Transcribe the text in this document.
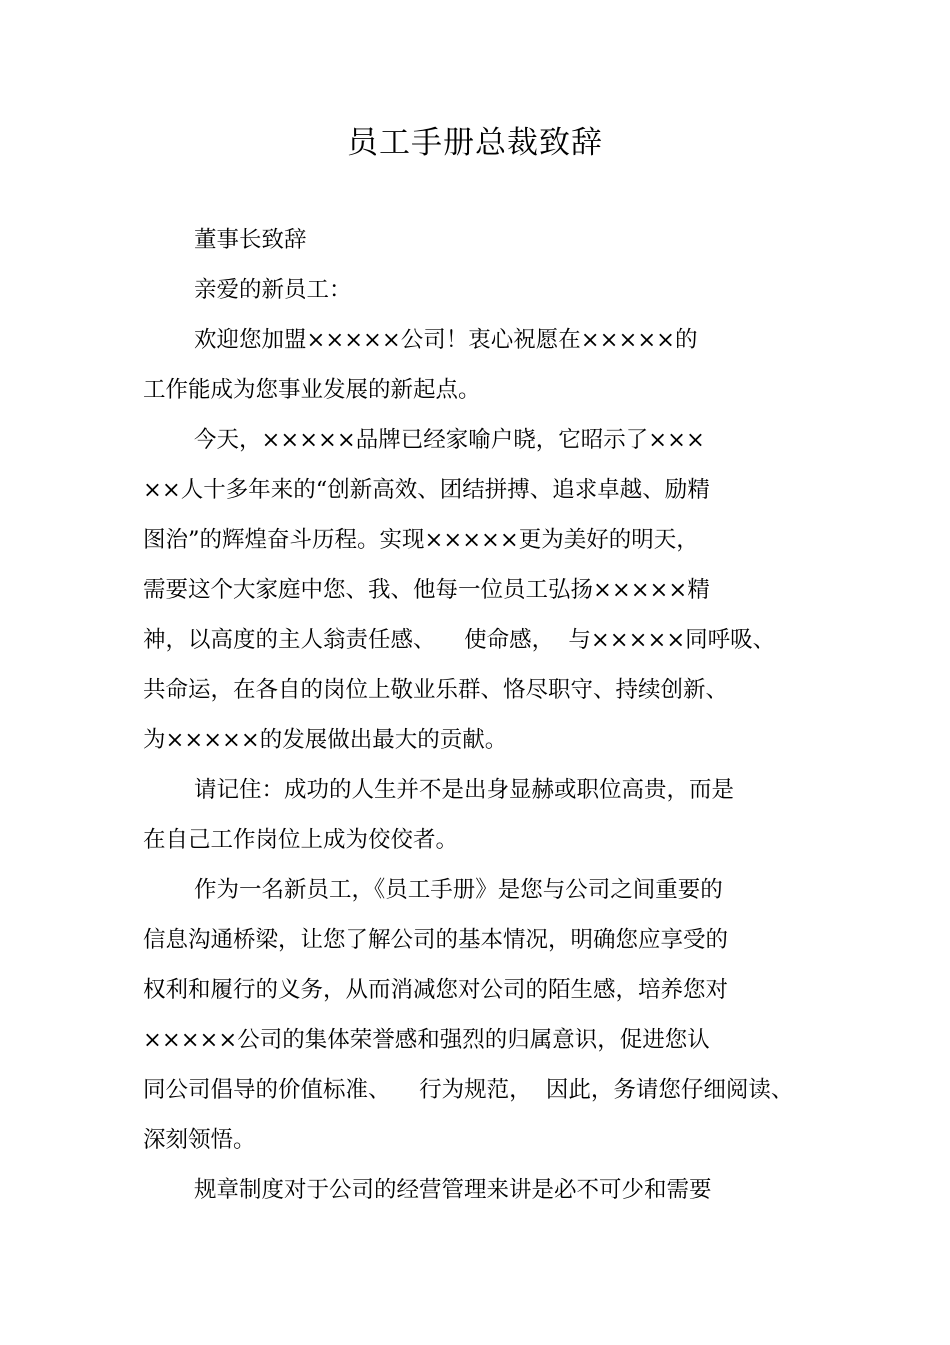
员工手册总裁致辞

董事长致辞

亲爱的新员工：

欢迎您加盟×××××公司！衷心祝愿在×××××的

工作能成为您事业发展的新起点。

今天，×××××品牌已经家喻户晓，它昭示了×××

××人十多年来的“创新高效、团结拼搏、追求卓越、励精

图治”的辉煌奋斗历程。实现×××××更为美好的明天，

需要这个大家庭中您、我、他每一位员工弘扬×××××精

神，以高度的主人翁责任感、    使命感，  与×××××同呼吸、

共命运，在各自的岗位上敬业乐群、恪尽职守、持续创新、

为×××××的发展做出最大的贡献。

请记住：成功的人生并不是出身显赫或职位高贵，而是

在自己工作岗位上成为佼佼者。

作为一名新员工，《员工手册》是您与公司之间重要的

信息沟通桥梁，让您了解公司的基本情况，明确您应享受的

权利和履行的义务，从而消减您对公司的陌生感，培养您对

×××××公司的集体荣誉感和强烈的归属意识，促进您认

同公司倡导的价值标准、    行为规范，  因此，务请您仔细阅读、

深刻领悟。

规章制度对于公司的经营管理来讲是必不可少和需要
